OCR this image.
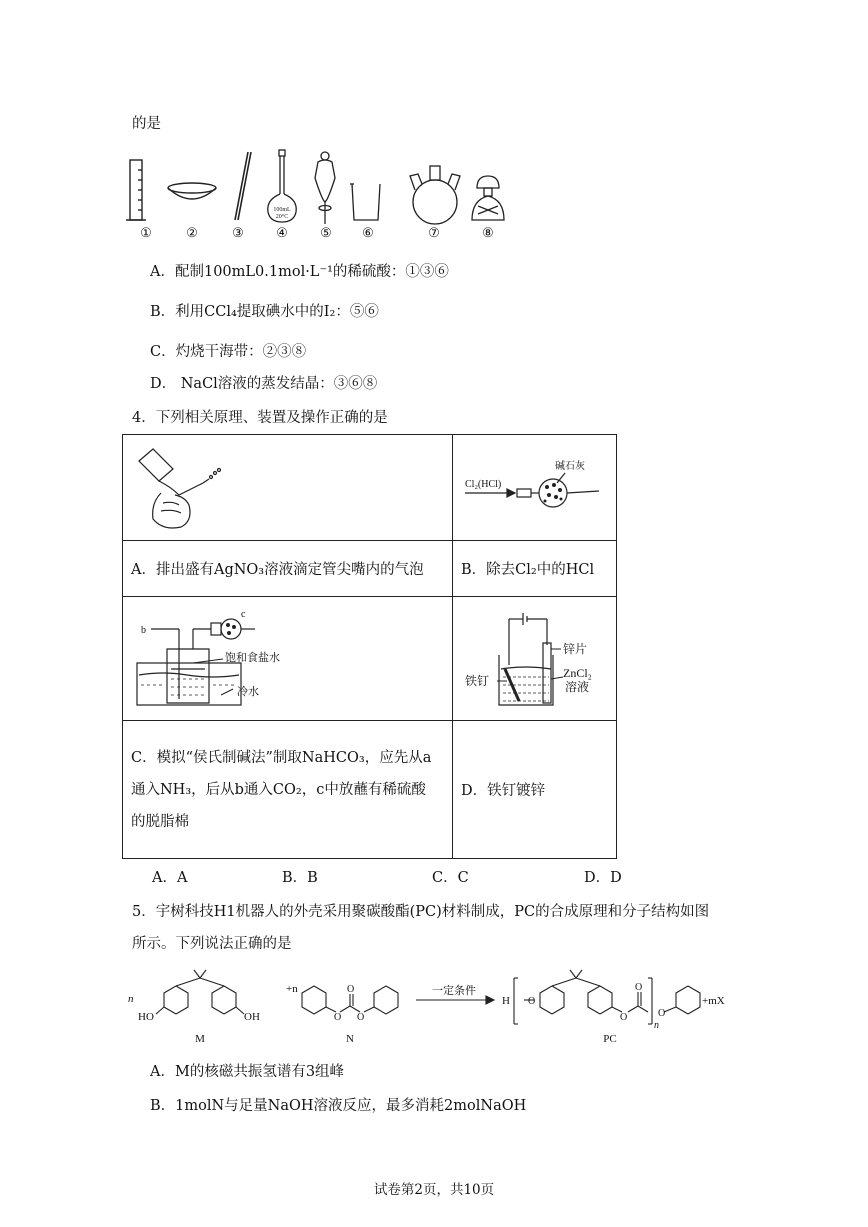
的是
100mL
20°C
①	②	③	④	⑤	⑥	⑦	⑧
A．配制100mL0.1mol·L⁻¹的稀硫酸：①③⑥
B．利用CCl₄提取碘水中的I₂：⑤⑥
C．灼烧干海带：②③⑧
D． NaCl溶液的蒸发结晶：③⑥⑧
4．下列相关原理、装置及操作正确的是

Cl₂(HCl)
碱石灰

A．排出盛有AgNO₃溶液滴定管尖嘴内的气泡	B．除去Cl₂中的HCl

b
c
饱和食盐水
冷水	锌片
铁钉
ZnCl₂
溶液

C．模拟“侯氏制碱法”制取NaHCO₃，应先从a
通入NH₃，后从b通入CO₂，c中放蘸有稀硫酸
的脱脂棉	D．铁钉镀锌
A．A	B．B	C．C	D．D
5．宇树科技H1机器人的外壳采用聚碳酸酯(PC)材料制成，PC的合成原理和分子结构如图
所示。下列说法正确的是
n
HO	OH
M
+n
O O
O
N
一定条件
H O
O
O
n
O
+mX
PC
A．M的核磁共振氢谱有3组峰
B．1molN与足量NaOH溶液反应，最多消耗2molNaOH
试卷第2页，共10页
